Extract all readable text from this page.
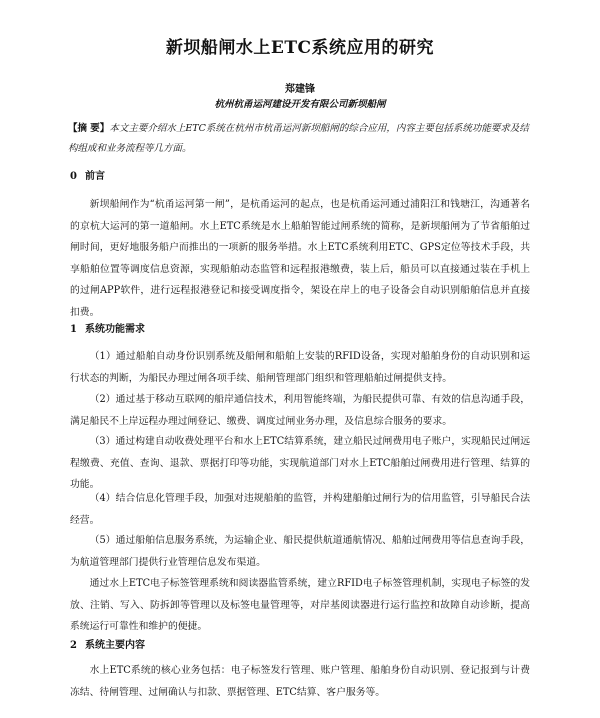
新坝船闸水上ETC系统应用的研究
郑建锋
杭州杭甬运河建设开发有限公司新坝船闸
【摘 要】本文主要介绍水上ETC系统在杭州市杭甬运河新坝船闸的综合应用，内容主要包括系统功能要求及结构组成和业务流程等几方面。
0 前言
新坝船闸作为“杭甬运河第一闸”，是杭甬运河的起点，也是杭甬运河通过浦阳江和钱塘江，沟通著名的京杭大运河的第一道船闸。水上ETC系统是水上船舶智能过闸系统的简称，是新坝船闸为了节省船舶过闸时间，更好地服务船户而推出的一项新的服务举措。水上ETC系统利用ETC、GPS定位等技术手段，共享船舶位置等调度信息资源，实现船舶动态监管和远程报港缴费，装上后，船员可以直接通过装在手机上的过闸APP软件，进行远程报港登记和接受调度指令，架设在岸上的电子设备会自动识别船舶信息并直接扣费。
1 系统功能需求
（1）通过船舶自动身份识别系统及船闸和船舶上安装的RFID设备，实现对船舶身份的自动识别和运行状态的判断，为船民办理过闸各项手续、船闸管理部门组织和管理船舶过闸提供支持。
（2）通过基于移动互联网的船岸通信技术，利用智能终端，为船民提供可靠、有效的信息沟通手段，满足船民不上岸远程办理过闸登记、缴费、调度过闸业务办理，及信息综合服务的要求。
（3）通过构建自动收费处理平台和水上ETC结算系统，建立船民过闸费用电子账户，实现船民过闸远程缴费、充值、查询、退款、票据打印等功能，实现航道部门对水上ETC船舶过闸费用进行管理、结算的功能。
（4）结合信息化管理手段，加强对违规船舶的监管，并构建船舶过闸行为的信用监管，引导船民合法经营。
（5）通过船舶信息服务系统，为运输企业、船民提供航道通航情况、船舶过闸费用等信息查询手段，为航道管理部门提供行业管理信息发布渠道。
通过水上ETC电子标签管理系统和阅读器监管系统，建立RFID电子标签管理机制，实现电子标签的发放、注销、写入、防拆卸等管理以及标签电量管理等，对岸基阅读器进行运行监控和故障自动诊断，提高系统运行可靠性和维护的便捷。
2 系统主要内容
水上ETC系统的核心业务包括：电子标签发行管理、账户管理、船舶身份自动识别、登记报到与计费冻结、待闸管理、过闸确认与扣款、票据管理、ETC结算、客户服务等。
